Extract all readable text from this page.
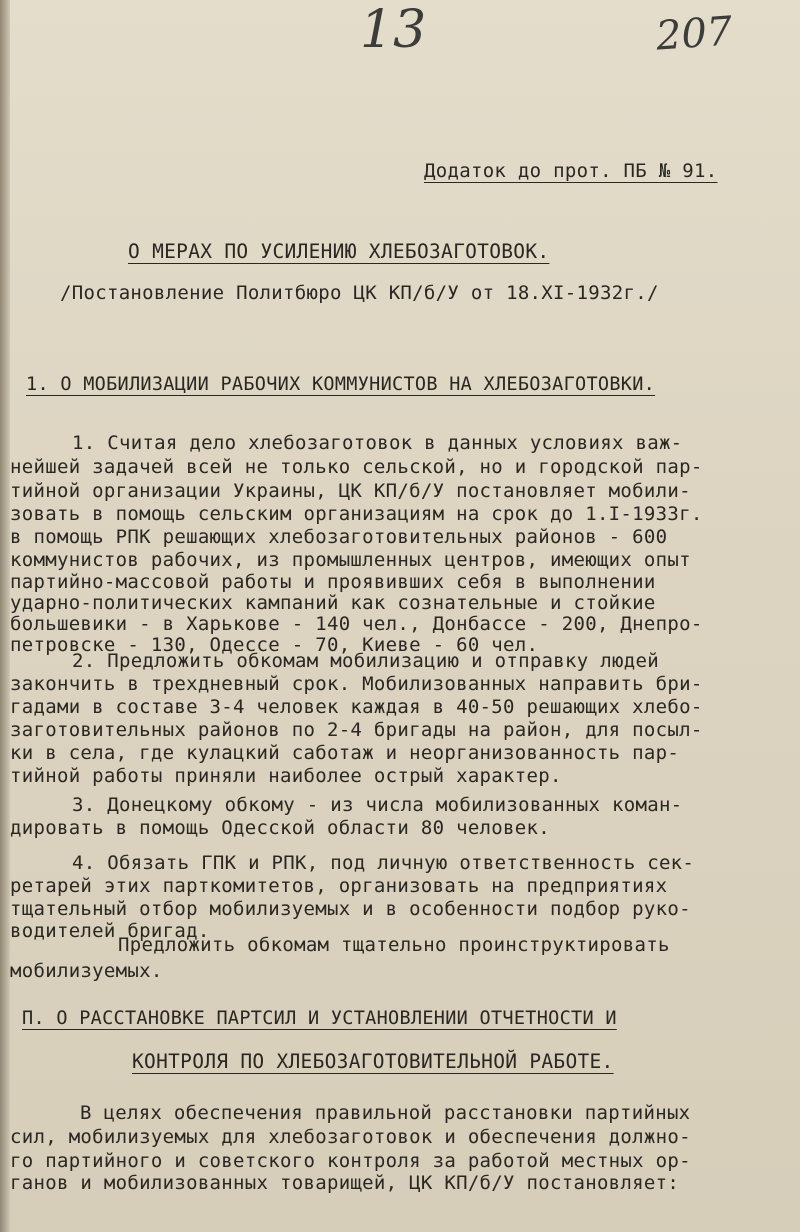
13	207
Додаток до прот. ПБ № 91.
О МЕРАХ ПО УСИЛЕНИЮ ХЛЕБОЗАГОТОВОК.
/Постановление Политбюро ЦК КП/б/У от 18.XI-1932г./
1. О МОБИЛИЗАЦИИ РАБОЧИХ КОММУНИСТОВ НА ХЛЕБОЗАГОТОВКИ.
1. Считая дело хлебозаготовок в данных условиях важ-
нейшей задачей всей не только сельской, но и городской пар-
тийной организации Украины, ЦК КП/б/У постановляет мобили-
зовать в помощь сельским организациям на срок до 1.I-1933г.
в помощь РПК решающих хлебозаготовительных районов - 600
коммунистов рабочих, из промышленных центров, имеющих опыт
партийно-массовой работы и проявивших себя в выполнении
ударно-политических кампаний как сознательные и стойкие
большевики - в Харькове - 140 чел., Донбассе - 200, Днепро-
петровске - 130, Одессе - 70, Киеве - 60 чел.
2. Предложить обкомам мобилизацию и отправку людей
закончить в трехдневный срок. Мобилизованных направить бри-
гадами в составе 3-4 человек каждая в 40-50 решающих хлебо-
заготовительных районов по 2-4 бригады на район, для посыл-
ки в села, где кулацкий саботаж и неорганизованность пар-
тийной работы приняли наиболее острый характер.
3. Донецкому обкому - из числа мобилизованных коман-
дировать в помощь Одесской области 80 человек.
4. Обязать ГПК и РПК, под личную ответственность сек-
ретарей этих парткомитетов, организовать на предприятиях
тщательный отбор мобилизуемых и в особенности подбор руко-
водителей бригад.
Предложить обкомам тщательно проинструктировать
мобилизуемых.
П. О РАССТАНОВКЕ ПАРТСИЛ И УСТАНОВЛЕНИИ ОТЧЕТНОСТИ И
КОНТРОЛЯ ПО ХЛЕБОЗАГОТОВИТЕЛЬНОЙ РАБОТЕ.
В целях обеспечения правильной расстановки партийных
сил, мобилизуемых для хлебозаготовок и обеспечения должно-
го партийного и советского контроля за работой местных ор-
ганов и мобилизованных товарищей, ЦК КП/б/У постановляет:
